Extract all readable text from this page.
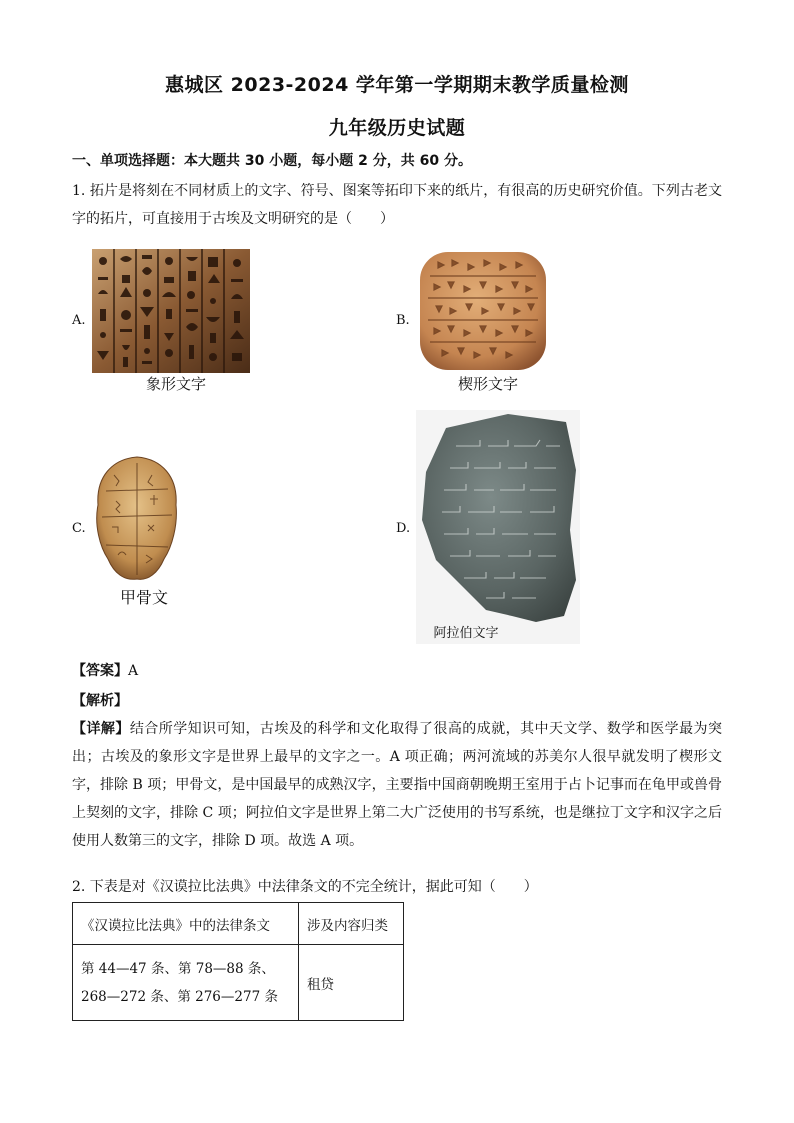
惠城区 2023-2024 学年第一学期期末教学质量检测
九年级历史试题
一、单项选择题：本大题共 30 小题，每小题 2 分，共 60 分。
1. 拓片是将刻在不同材质上的文字、符号、图案等拓印下来的纸片，有很高的历史研究价值。下列古老文字的拓片，可直接用于古埃及文明研究的是（　　）
A.
象形文字
B.
楔形文字
C.
甲骨文
D.
阿拉伯文字
【答案】A
【解析】
【详解】结合所学知识可知，古埃及的科学和文化取得了很高的成就，其中天文学、数学和医学最为突出；古埃及的象形文字是世界上最早的文字之一。A 项正确；两河流域的苏美尔人很早就发明了楔形文字，排除 B 项；甲骨文，是中国最早的成熟汉字，主要指中国商朝晚期王室用于占卜记事而在龟甲或兽骨上契刻的文字，排除 C 项；阿拉伯文字是世界上第二大广泛使用的书写系统，也是继拉丁文字和汉字之后使用人数第三的文字，排除 D 项。故选 A 项。
2. 下表是对《汉谟拉比法典》中法律条文的不完全统计，据此可知（　　）
《汉谟拉比法典》中的法律条文	涉及内容归类

第 44—47 条、第 78—88 条、
268—272 条、第 276—277 条	租贷
